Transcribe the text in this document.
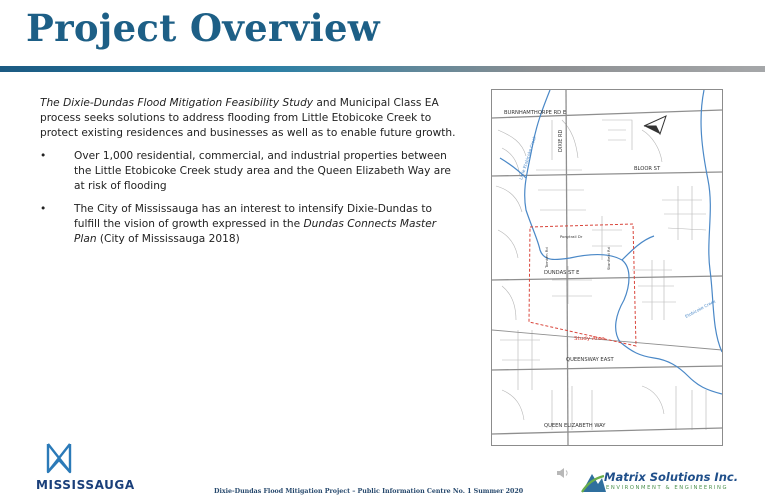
Project Overview

The Dixie-Dundas Flood Mitigation Feasibility Study and Municipal Class EA process seeks solutions to address flooding from Little Etobicoke Creek to protect existing residences and businesses as well as to enable future growth.

• Over 1,000 residential, commercial, and industrial properties between the Little Etobicoke Creek study area and the Queen Elizabeth Way are at risk of flooding
• The City of Mississauga has an interest to intensify Dixie-Dundas to fulfill the vision of growth expressed in the Dundas Connects Master Plan (City of Mississauga 2018)
BURNHAMTHORPE RD E
BLOOR ST
DIXIE RD
DUNDAS ST E
QUEENSWAY EAST
QUEEN ELIZABETH WAY
Little Etobicoke Creek
Etobicoke Creek
Study Area
Tomken Rd
Ponytrail Dr
Stanfield Rd
MISSISSAUGA	Dixie-Dundas Flood Mitigation Project – Public Information Centre No. 1 Summer 2020
Matrix Solutions Inc.
ENVIRONMENT & ENGINEERING
